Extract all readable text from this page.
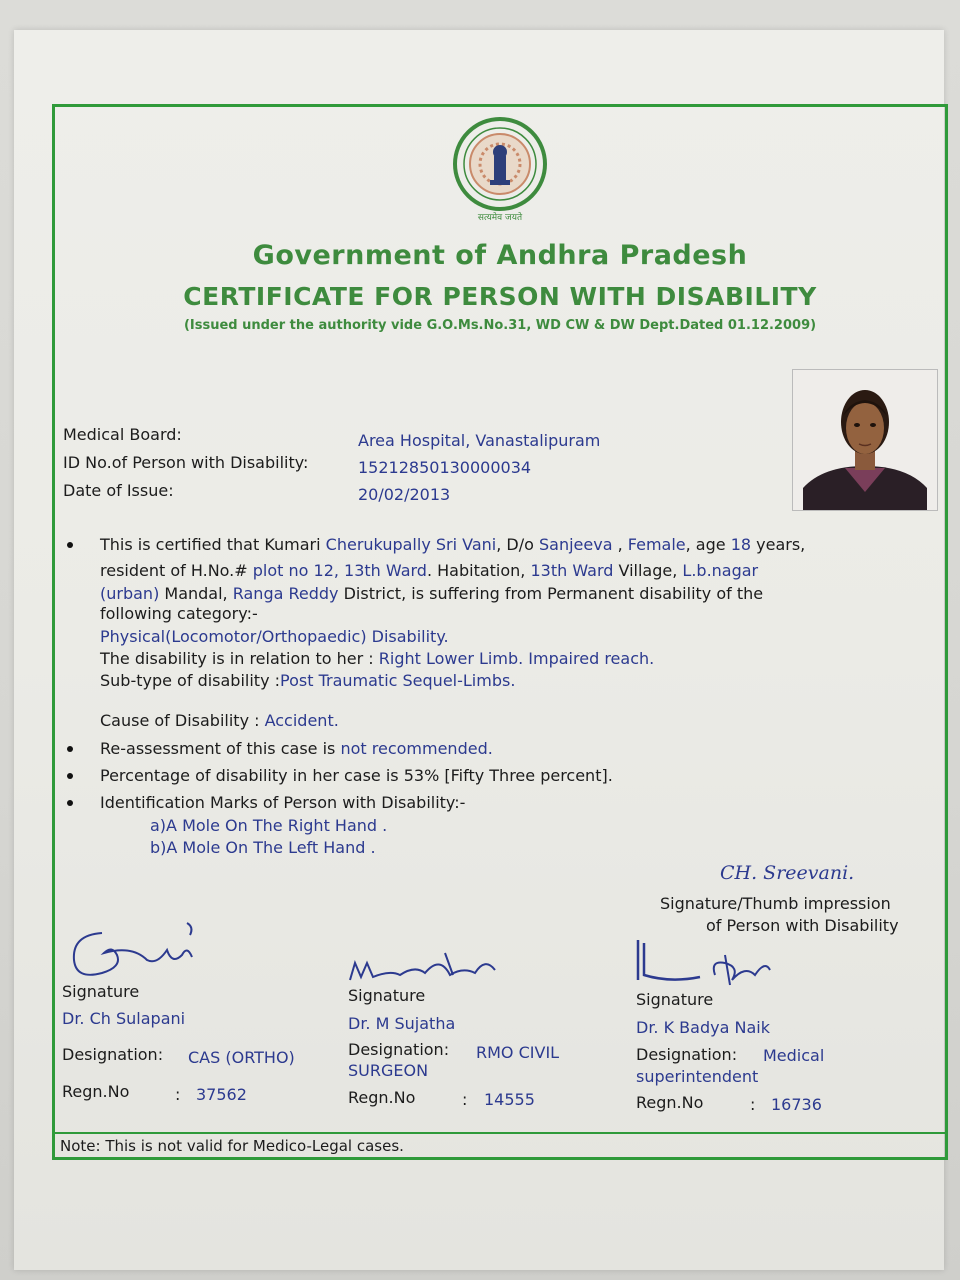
सत्यमेव जयते
Government of Andhra Pradesh
CERTIFICATE FOR PERSON WITH DISABILITY
(Issued under the authority vide G.O.Ms.No.31, WD CW & DW Dept.Dated 01.12.2009)
Medical Board:	Area Hospital, Vanastalipuram
ID No.of Person with Disability:	15212850130000034
Date of Issue:	20/02/2013
This is certified that Kumari Cherukupally Sri Vani, D/o Sanjeeva , Female, age 18 years,
resident of H.No.# plot no 12, 13th Ward. Habitation, 13th Ward Village, L.b.nagar
(urban) Mandal, Ranga Reddy District, is suffering from Permanent disability of the
following category:-
Physical(Locomotor/Orthopaedic) Disability.
The disability is in relation to her : Right Lower Limb. Impaired reach.
Sub-type of disability :Post Traumatic Sequel-Limbs.
Cause of Disability : Accident.
Re-assessment of this case is not recommended.
Percentage of disability in her case is 53% [Fifty Three percent].
Identification Marks of Person with Disability:-
a)A Mole On The Right Hand .
b)A Mole On The Left Hand .
CH. Sreevani.
Signature/Thumb impression
of Person with Disability
Signature
Dr. Ch Sulapani
Designation: CAS (ORTHO)
Regn.No	: 37562
Signature
Dr. M Sujatha
Designation: RMO CIVIL
SURGEON
Regn.No	: 14555
Signature
Dr. K Badya Naik
Designation: Medical
superintendent
Regn.No	: 16736
Note: This is not valid for Medico-Legal cases.
